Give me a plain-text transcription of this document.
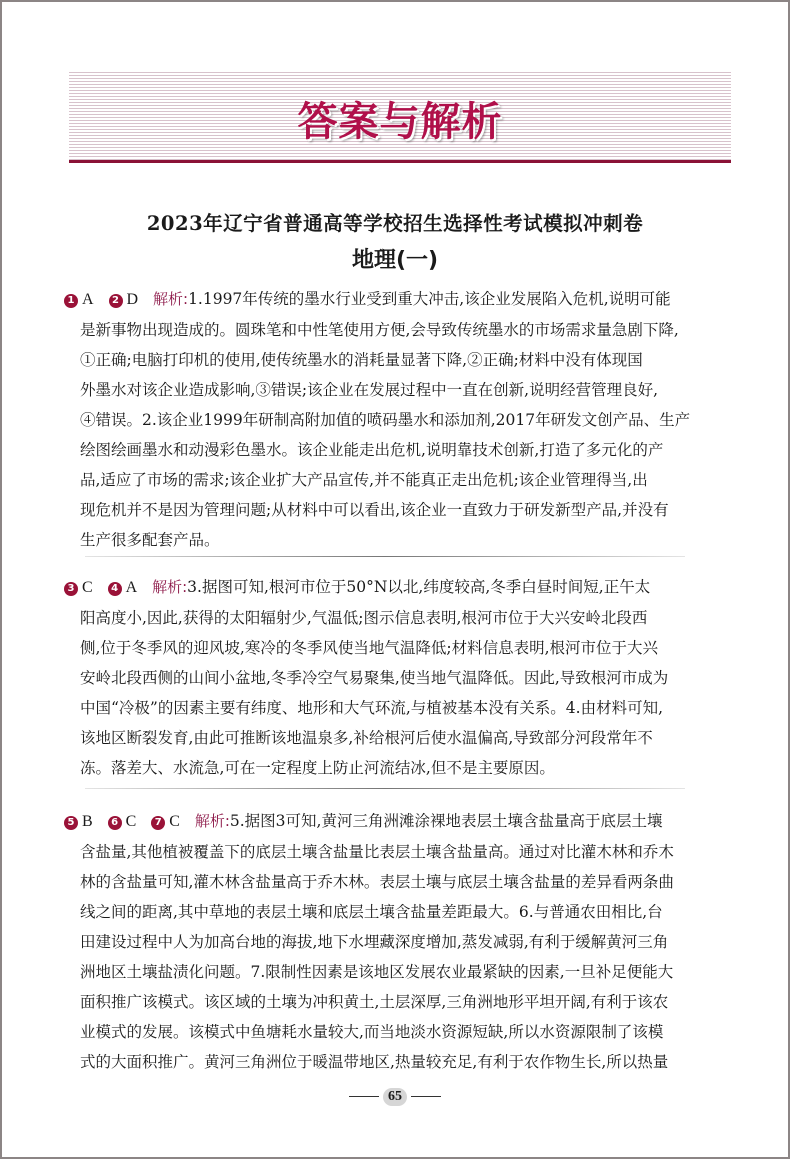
答案与解析
2023年辽宁省普通高等学校招生选择性考试模拟冲刺卷
地理(一)
1 A 2 D 解析:1.1997年传统的墨水行业受到重大冲击,该企业发展陷入危机,说明可能
是新事物出现造成的。圆珠笔和中性笔使用方便,会导致传统墨水的市场需求量急剧下降,
①正确;电脑打印机的使用,使传统墨水的消耗量显著下降,②正确;材料中没有体现国
外墨水对该企业造成影响,③错误;该企业在发展过程中一直在创新,说明经营管理良好,
④错误。2.该企业1999年研制高附加值的喷码墨水和添加剂,2017年研发文创产品、生产
绘图绘画墨水和动漫彩色墨水。该企业能走出危机,说明靠技术创新,打造了多元化的产
品,适应了市场的需求;该企业扩大产品宣传,并不能真正走出危机;该企业管理得当,出
现危机并不是因为管理问题;从材料中可以看出,该企业一直致力于研发新型产品,并没有
生产很多配套产品。
3 C 4 A 解析:3.据图可知,根河市位于50°N以北,纬度较高,冬季白昼时间短,正午太
阳高度小,因此,获得的太阳辐射少,气温低;图示信息表明,根河市位于大兴安岭北段西
侧,位于冬季风的迎风坡,寒冷的冬季风使当地气温降低;材料信息表明,根河市位于大兴
安岭北段西侧的山间小盆地,冬季冷空气易聚集,使当地气温降低。因此,导致根河市成为
中国“冷极”的因素主要有纬度、地形和大气环流,与植被基本没有关系。4.由材料可知,
该地区断裂发育,由此可推断该地温泉多,补给根河后使水温偏高,导致部分河段常年不
冻。落差大、水流急,可在一定程度上防止河流结冰,但不是主要原因。
5 B 6 C 7 C 解析:5.据图3可知,黄河三角洲滩涂裸地表层土壤含盐量高于底层土壤
含盐量,其他植被覆盖下的底层土壤含盐量比表层土壤含盐量高。通过对比灌木林和乔木
林的含盐量可知,灌木林含盐量高于乔木林。表层土壤与底层土壤含盐量的差异看两条曲
线之间的距离,其中草地的表层土壤和底层土壤含盐量差距最大。6.与普通农田相比,台
田建设过程中人为加高台地的海拔,地下水埋藏深度增加,蒸发减弱,有利于缓解黄河三角
洲地区土壤盐渍化问题。7.限制性因素是该地区发展农业最紧缺的因素,一旦补足便能大
面积推广该模式。该区域的土壤为冲积黄土,土层深厚,三角洲地形平坦开阔,有利于该农
业模式的发展。该模式中鱼塘耗水量较大,而当地淡水资源短缺,所以水资源限制了该模
式的大面积推广。黄河三角洲位于暖温带地区,热量较充足,有利于农作物生长,所以热量
65
